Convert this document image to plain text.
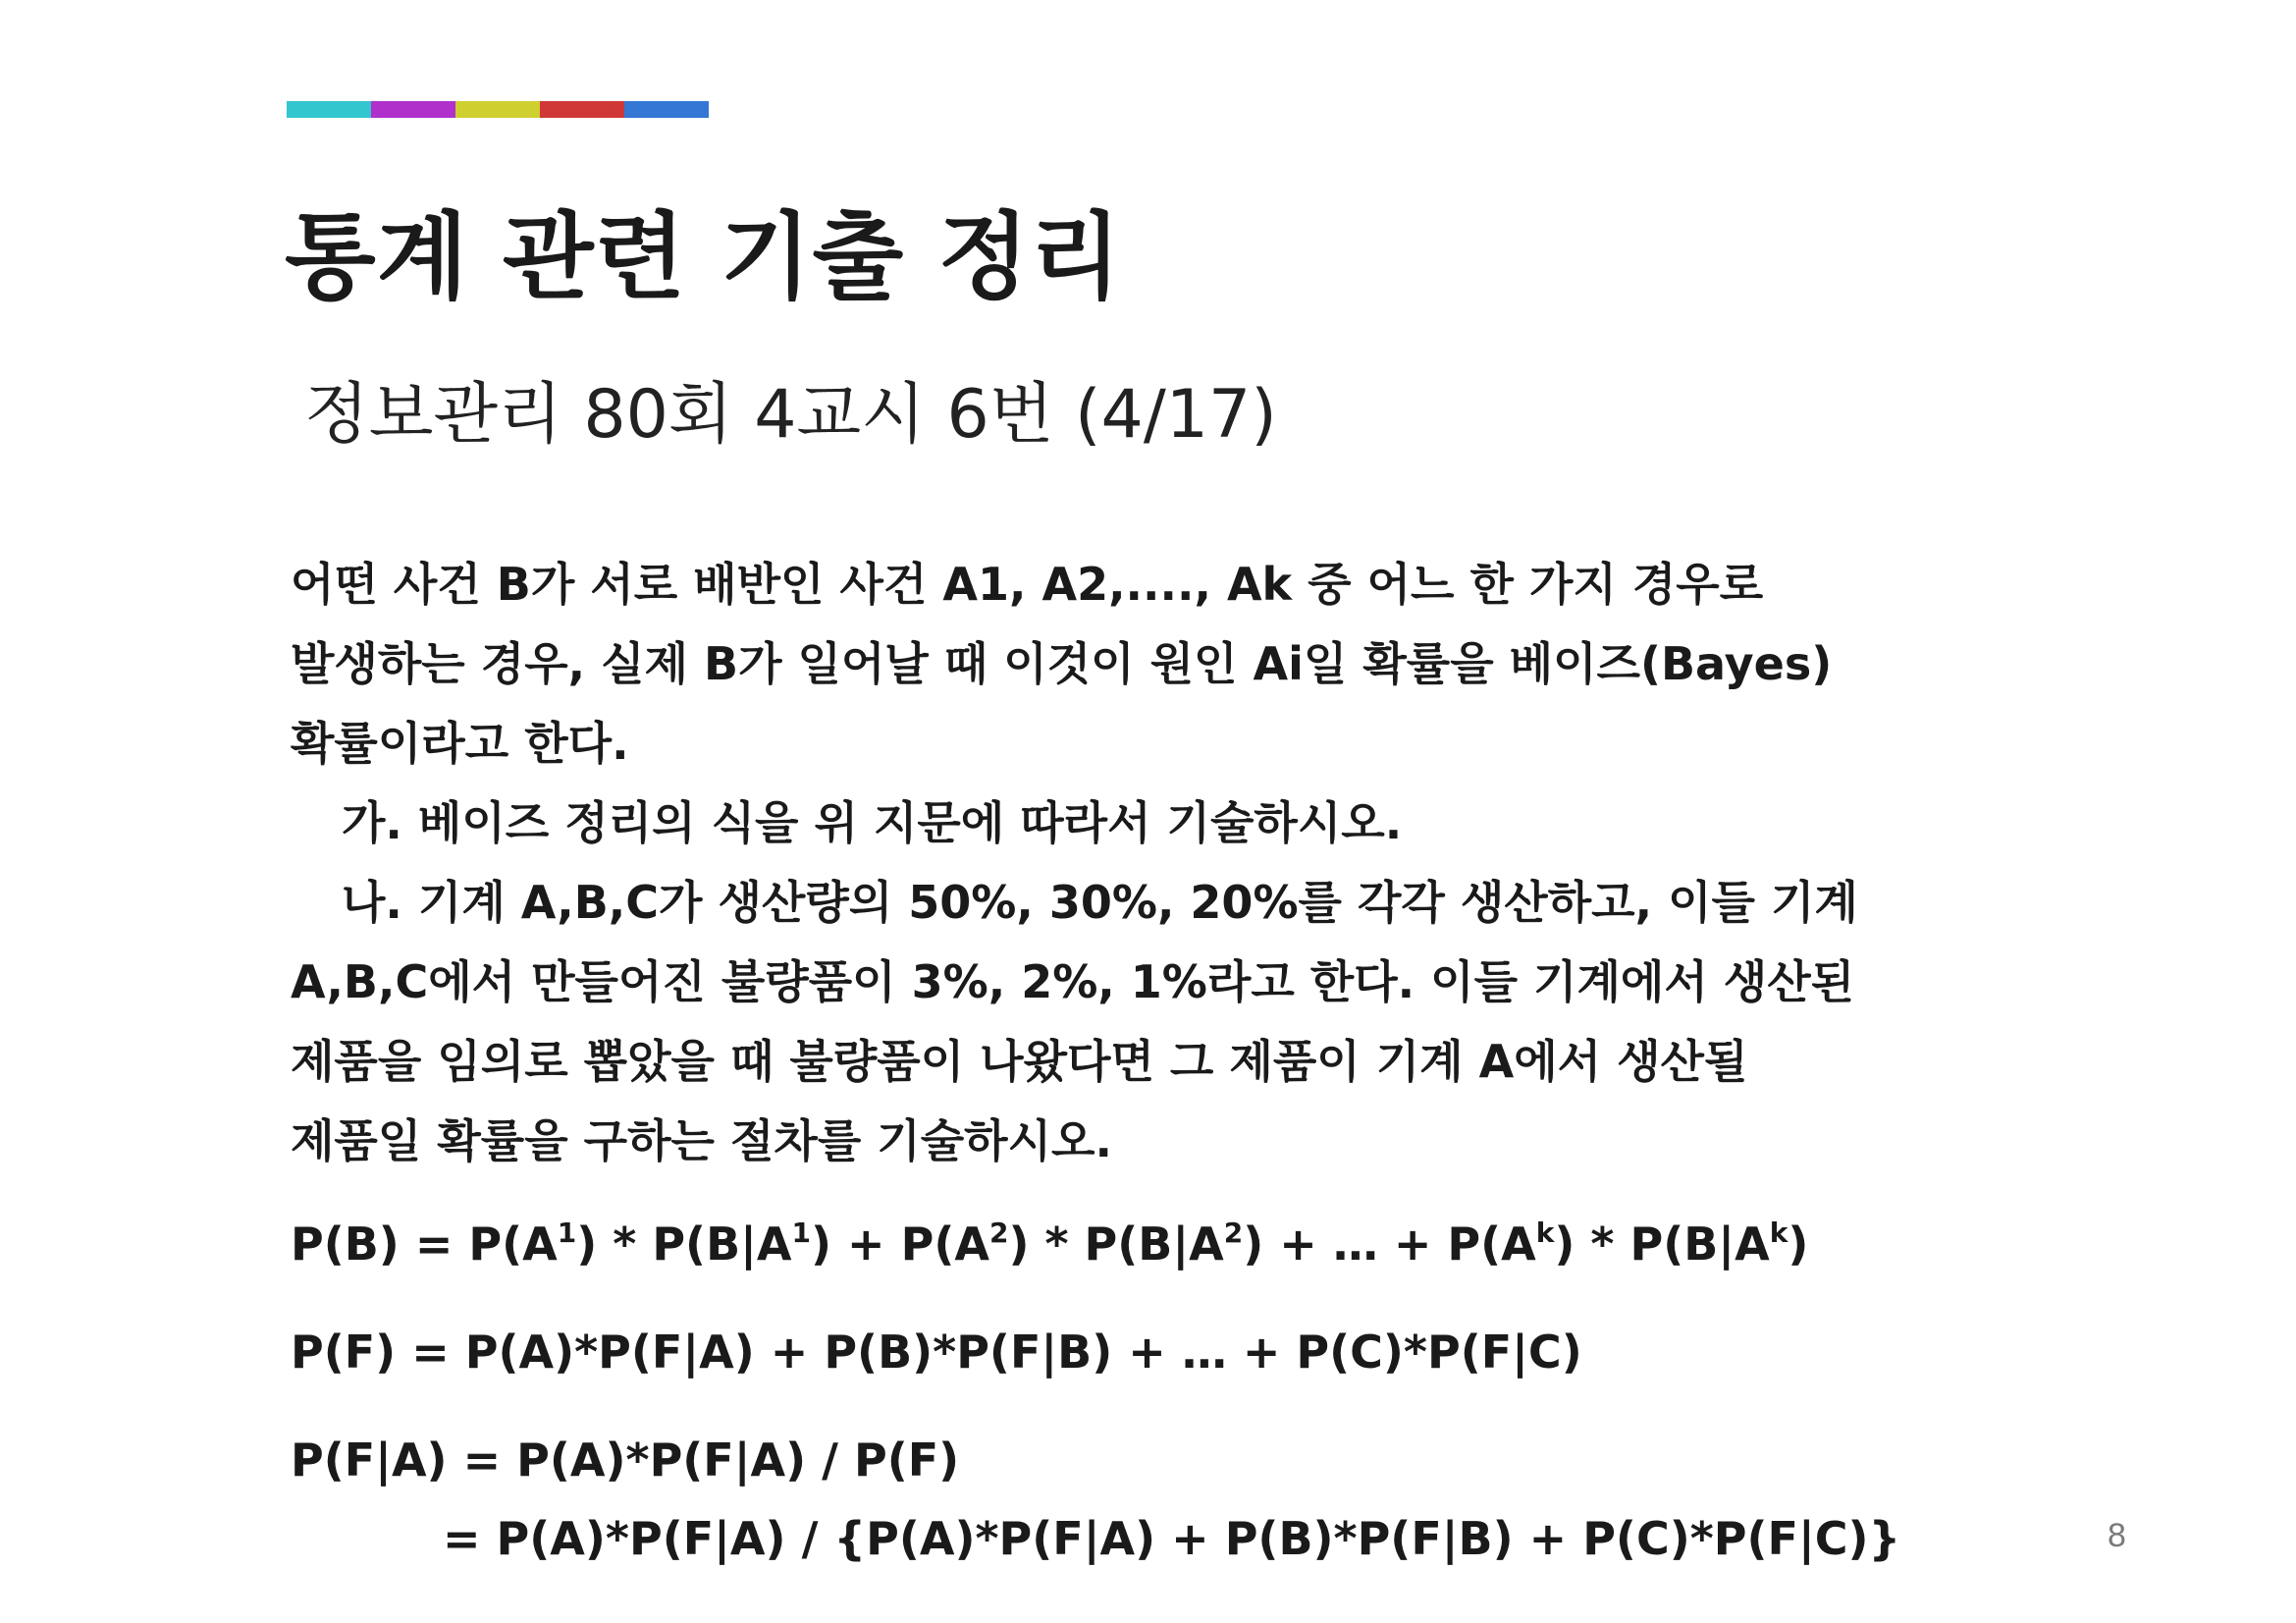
통계 관련 기출 정리
정보관리 80회 4교시 6번 (4/17)
어떤 사건 B가 서로 배반인 사건 A1, A2,...., Ak 중 어느 한 가지 경우로
발생하는 경우, 실제 B가 일어날 때 이것이 원인 Ai일 확률을 베이즈(Bayes)
확률이라고 한다.
가. 베이즈 정리의 식을 위 지문에 따라서 기술하시오.
나. 기계 A,B,C가 생산량의 50%, 30%, 20%를 각각 생산하고, 이들 기계
A,B,C에서 만들어진 불량품이 3%, 2%, 1%라고 한다. 이들 기계에서 생산된
제품을 임의로 뽑았을 때 불량품이 나왔다면 그 제품이 기계 A에서 생산될
제품일 확률을 구하는 절차를 기술하시오.
$P(B) = P(A^1) * P(B|A^1) + P(A^2) * P(B|A^2)$ + … + $P(A^k) * P(B|A^k)$
P(F) = P(A)*P(F|A) + P(B)*P(F|B) + … + P(C)*P(F|C)
P(F|A) = P(A)*P(F|A) / P(F)
= P(A)*P(F|A) / {P(A)*P(F|A) + P(B)*P(F|B) + P(C)*P(F|C)}	8
